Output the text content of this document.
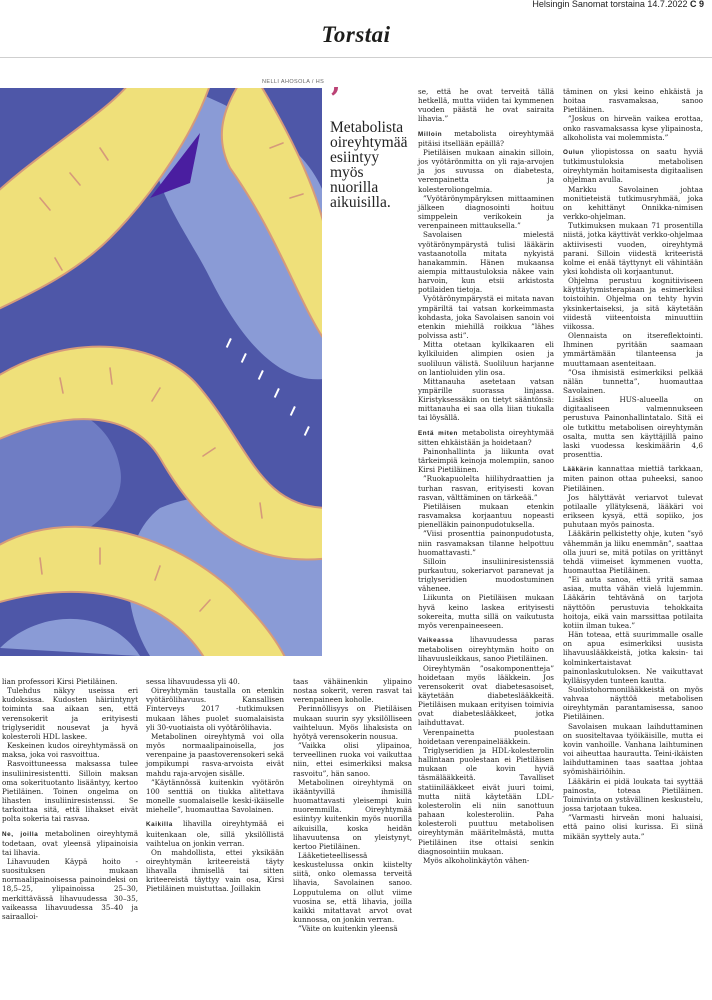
Helsingin Sanomat torstaina 14.7.2022 C 9
Torstai
NELLI AHOSOLA / HS ’
Metabolista oireyhtymää esiintyy myös nuorilla aikuisilla.

lian professori Kirsi Pietiläinen.

Tulehdus näkyy useissa eri kudoksissa. Kudosten häiriintynyt toiminta saa aikaan sen, että verensokerit ja erityisesti triglyseridit nousevat ja hyvä kolesteroli HDL laskee.

Keskeinen kudos oireyhtymässä on maksa, joka voi rasvoittua.

Rasvoittuneessa maksassa tulee insuliiniresistentti. Silloin maksan oma sokerituotanto lisääntyy, kertoo Pietiläinen. Toinen ongelma on lihasten insuliiniresistenssi. Se tarkoittaa sitä, että lihakset eivät polta sokeria tai rasvaa.

Ne, joilla metabolinen oireyhtymä todetaan, ovat yleensä ylipainoisia tai lihavia.

Lihavuuden Käypä hoito -suosituksen mukaan normaalipainoisessa painoindeksi on 18,5–25, ylipainoissa 25–30, merkittävässä lihavuudessa 30–35, vaikeassa lihavuudessa 35–40 ja sairaalloi-

sessa lihavuudessa yli 40.

Oireyhtymän taustalla on etenkin vyötärölihavuus. Kansallisen Finterveys 2017 -tutkimuksen mukaan lähes puolet suomalaisista yli 30-vuotiaista oli vyötärölihavia.

Metabolinen oireyhtymä voi olla myös normaalipainoisella, jos verenpaine ja paastoverensokeri sekä jompikumpi rasva-arvoista eivät mahdu raja-arvojen sisälle.

”Käytännössä kuitenkin vyötärön 100 senttiä on tiukka alitettava monelle suomalaiselle keski-ikäiselle miehelle”, huomauttaa Savolainen.

Kaikilla lihavilla oireyhtymää ei kuitenkaan ole, sillä yksilöllistä vaihtelua on jonkin verran.

On mahdollista, ettei yksikään oireyhtymän kriteereistä täyty lihavalla ihmisellä tai sitten kriteereistä täyttyy vain osa, Kirsi Pietiläinen muistuttaa. Joillakin

taas vähäinenkin ylipaino nostaa sokerit, veren rasvat tai verenpaineen koholle.

Perinnöllisyys on Pietiläisen mukaan suurin syy yksilölliseen vaihteluun. Myös lihaksista on hyötyä verensokerin nousua.

”Vaikka olisi ylipainoa, terveellinen ruoka voi vaikuttaa niin, ettei esimerkiksi maksa rasvoitu”, hän sanoo.

Metabolinen oireyhtymä on ikääntyvillä ihmisillä huomattavasti yleisempi kuin nuoremmilla. Oireyhtymää esiintyy kuitenkin myös nuorilla aikuisilla, koska heidän lihavuutensa on yleistynyt, kertoo Pietiläinen.

Lääketieteellisessä keskustelussa onkin kiistelty siitä, onko olemassa terveitä lihavia, Savolainen sanoo. Lopputulema on ollut viime vuosina se, että lihavia, joilla kaikki mitattavat arvot ovat kunnossa, on jonkin verran.

”Väite on kuitenkin yleensä

se, että he ovat terveitä tällä hetkellä, mutta viiden tai kymmenen vuoden päästä he ovat sairaita lihavia.”

Milloin metabolista oireyhtymää pitäisi itsellään epäillä?

Pietiläisen mukaan ainakin silloin, jos vyötärönmitta on yli raja-arvojen ja jos suvussa on diabetesta, verenpainetta ja kolesteroliongelmia.

”Vyötärönympäryksen mittaaminen jälkeen diagnosointi hoituu simppelein verikokein ja verenpaineen mittauksella.”

Savolaisen mielestä vyötärönympärystä tulisi lääkärin vastaanotolla mitata nykyistä hanakammin. Hänen mukaansa aiempia mittaustuloksia näkee vain harvoin, kun etsii arkistosta potilaiden tietoja.

Vyötärönympärystä ei mitata navan ympäriltä tai vatsan korkeimmasta kohdasta, joka Savolaisen sanoin voi etenkin miehillä roikkua ”lähes polvissa asti”.

Mitta otetaan kylkikaaren eli kylkiluiden alimpien osien ja suoliluun välistä. Suoliluun harjanne on lantioluiden ylin osa.

Mittanauha asetetaan vatsan ympärille suorassa linjassa. Kiristyksessäkin on tietyt sääntönsä: mittanauha ei saa olla liian tiukalla tai löysällä.

Entä miten metabolista oireyhtymää sitten ehkäistään ja hoidetaan?

Painonhallinta ja liikunta ovat tärkeimpiä keinoja molempiin, sanoo Kirsi Pietiläinen.

”Ruokapuolelta hiilihydraattien ja turhan rasvan, erityisesti kovan rasvan, välttäminen on tärkeää.”

Pietiläisen mukaan etenkin rasvamaksa korjaantuu nopeasti pienelläkin painonpudotuksella.

”Viisi prosenttia painonpudotusta, niin rasvamaksan tilanne helpottuu huomattavasti.”

Silloin insuliiniresistenssiä purkautuu, sokeriarvot paranevat ja triglyseridien muodostuminen vähenee.

Liikunta on Pietiläisen mukaan hyvä keino laskea erityisesti sokereita, mutta sillä on vaikutusta myös verenpaineeseen.

Vaikeassa lihavuudessa paras metabolisen oireyhtymän hoito on lihavuusleikkaus, sanoo Pietiläinen.

Oireyhtymän ”osakomponentteja” hoidetaan myös lääkkein. Jos verensokerit ovat diabetesasoiset, käytetään diabeteslääkkeitä. Pietiläisen mukaan erityisen toimivia ovat diabeteslääkkeet, jotka laihduttavat.

Verenpainetta puolestaan hoidetaan verenpainelääkkein.

Triglyseridien ja HDL-kolesterolin hallintaan puolestaan ei Pietiläisen mukaan ole kovin hyviä täsmälääkkeitä. Tavalliset statiinilääkkeet eivät juuri toimi, mutta niitä käytetään LDL-kolesterolin eli niin sanottuun pahaan kolesteroliin. Paha kolesteroli puuttuu metabolisen oireyhtymän määritelmästä, mutta Pietiläinen itse ottaisi senkin diagnosointiin mukaan.

Myös alkoholinkäytön vähen-

täminen on yksi keino ehkäistä ja hoitaa rasvamaksaa, sanoo Pietiläinen.

”Joskus on hirveän vaikea erottaa, onko rasvamaksassa kyse ylipainosta, alkoholista vai molemmista.”

Oulun yliopistossa on saatu hyviä tutkimustuloksia metabolisen oireyhtymän hoitamisesta digitaalisen ohjelman avulla.

Markku Savolainen johtaa monitieteistä tutkimusryhmää, joka on kehittänyt Onnikka-nimisen verkko-ohjelman.

Tutkimuksen mukaan 71 prosentilla niistä, jotka käyttivät verkko-ohjelmaa aktiivisesti vuoden, oireyhtymä parani. Silloin viidestä kriteeristä kolme ei enää täyttynyt eli vähintään yksi kohdista oli korjaantunut.

Ohjelma perustuu kognitiiviseen käyttäytymisterapiaan ja esimerkiksi toistoihin. Ohjelma on tehty hyvin yksinkertaiseksi, ja sitä käytetään viidestä viiteentoista minuuttiin viikossa.

Olennaista on itsereflektointi. Ihminen pyritään saamaan ymmärtämään tilanteensa ja muuttamaan asenteitaan.

”Osa ihmisistä esimerkiksi pelkää nälän tunnetta”, huomauttaa Savolainen.

Lisäksi HUS-alueella on digitaaliseen valmennukseen perustuva Painonhallintatalo. Sitä ei ole tutkittu metabolisen oireyhtymän osalta, mutta sen käyttäjillä paino laski vuodessa keskimäärin 4,6 prosenttia.

Lääkärin kannattaa miettiä tarkkaan, miten painon ottaa puheeksi, sanoo Pietiläinen.

Jos hälyttävät veriarvot tulevat potilaalle yllätyksenä, lääkäri voi erikseen kysyä, että sopiiko, jos puhutaan myös painosta.

Lääkärin pelkistetty ohje, kuten ”syö vähemmän ja liiku enemmän”, saattaa olla juuri se, mitä potilas on yrittänyt tehdä viimeiset kymmenen vuotta, huomauttaa Pietiläinen.

”Ei auta sanoa, että yritä samaa asiaa, mutta vähän vielä lujemmin. Lääkärin tehtävänä on tarjota näyttöön perustuvia tehokkaita hoitoja, eikä vain marssittaa potilaita kotiin ilman tukea.”

Hän toteaa, että suurimmalle osalle on apua esimerkiksi uusista lihavuuslääkkeistä, jotka kaksin- tai kolminkertaistavat painonlaskutuloksen. Ne vaikuttavat kylläisyyden tunteen kautta.

Suolistohormonilääkkeistä on myös vahvaa näyttöä metabolisen oireyhtymän parantamisessa, sanoo Pietiläinen.

Savolaisen mukaan laihduttaminen on suositeltavaa työikäisille, mutta ei kovin vanhoille. Vanhana laihtuminen voi aiheuttaa haurautta. Teini-ikäisten laihduttaminen taas saattaa johtaa syömishäiriöihin.

Lääkärin ei pidä loukata tai syyttää painosta, toteaa Pietiläinen. Toimivinta on ystävällinen keskustelu, jossa tarjotaan tukea.

”Varmasti hirveän moni haluaisi, että paino olisi kurissa. Ei siinä mikään syyttely auta.”
